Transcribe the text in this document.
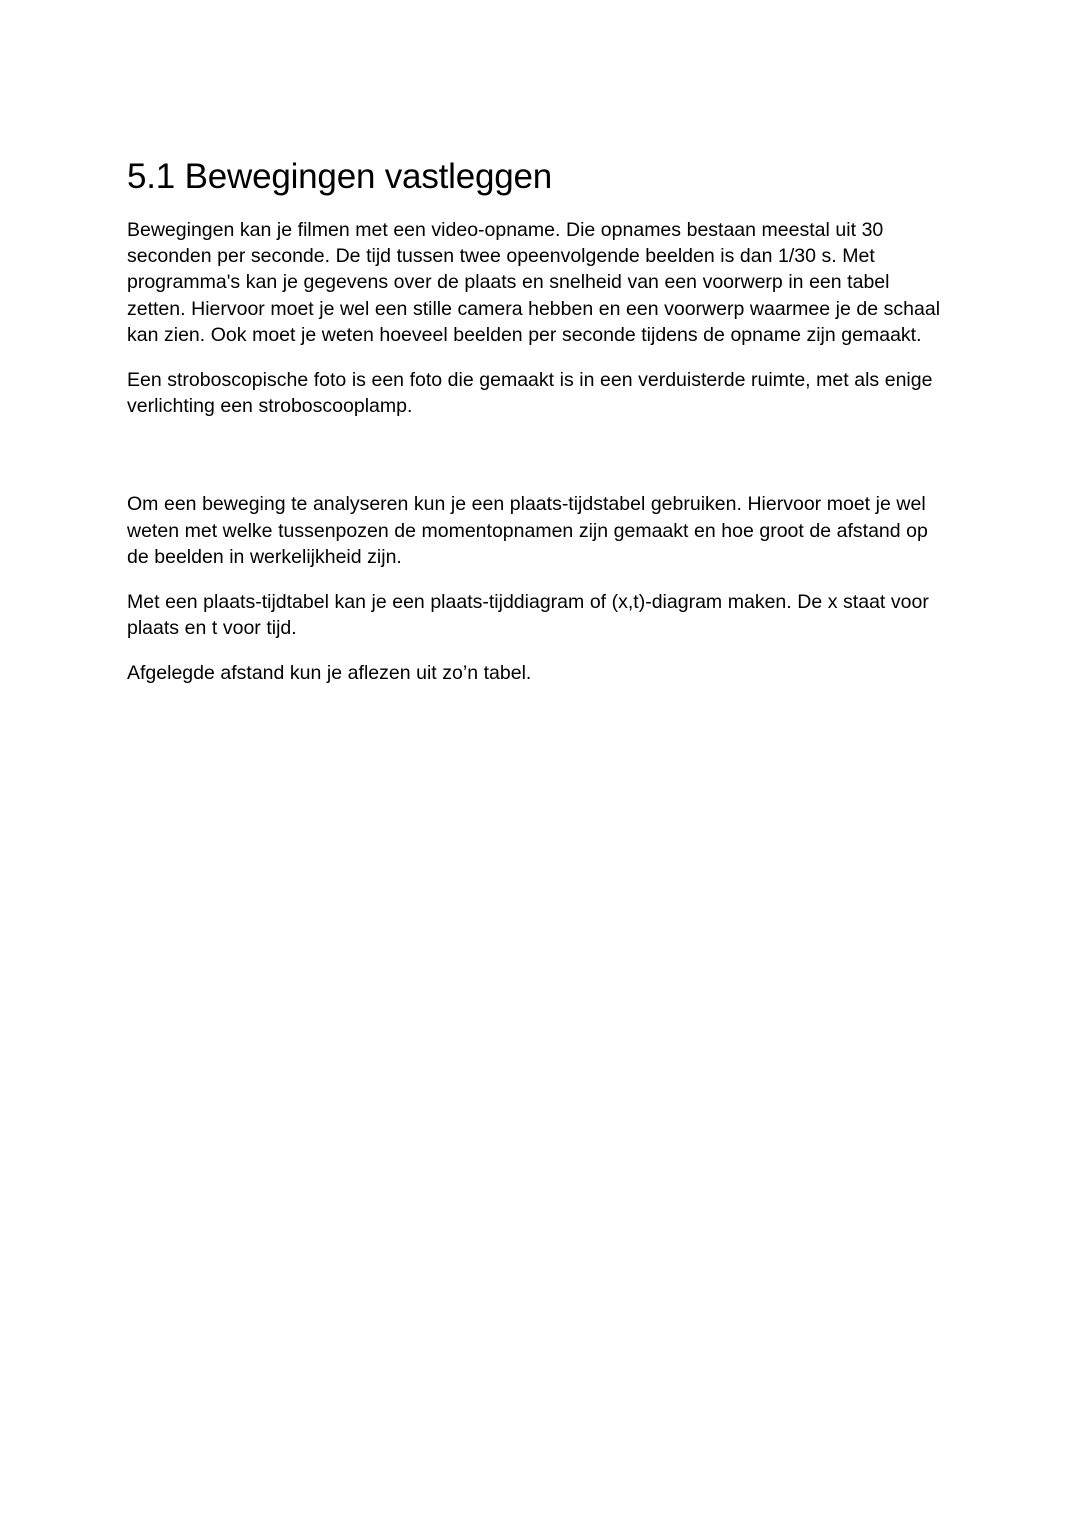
5.1 Bewegingen vastleggen

Bewegingen kan je filmen met een video-opname. Die opnames bestaan meestal uit 30 seconden per seconde. De tijd tussen twee opeenvolgende beelden is dan 1/30 s. Met programma's kan je gegevens over de plaats en snelheid van een voorwerp in een tabel zetten. Hiervoor moet je wel een stille camera hebben en een voorwerp waarmee je de schaal kan zien. Ook moet je weten hoeveel beelden per seconde tijdens de opname zijn gemaakt.

Een stroboscopische foto is een foto die gemaakt is in een verduisterde ruimte, met als enige verlichting een stroboscooplamp.

Om een beweging te analyseren kun je een plaats-tijdstabel gebruiken. Hiervoor moet je wel weten met welke tussenpozen de momentopnamen zijn gemaakt en hoe groot de afstand op de beelden in werkelijkheid zijn.

Met een plaats-tijdtabel kan je een plaats-tijddiagram of (x,t)-diagram maken. De x staat voor plaats en t voor tijd.

Afgelegde afstand kun je aflezen uit zo’n tabel.
